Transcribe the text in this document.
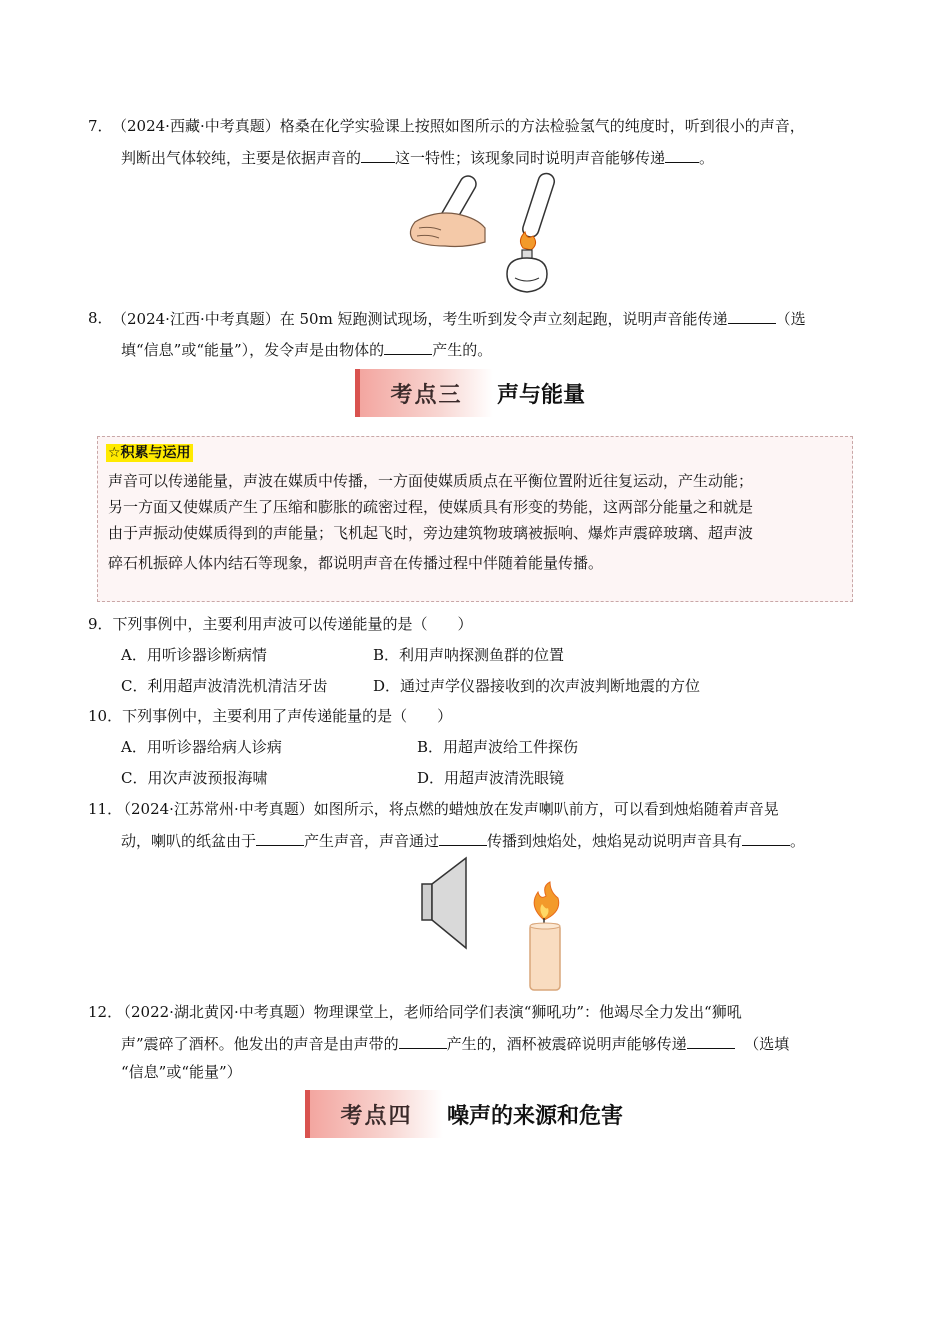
7． （2024·西藏·中考真题）格桑在化学实验课上按照如图所示的方法检验氢气的纯度时，听到很小的声音，
判断出气体较纯，主要是依据声音的 这一特性；该现象同时说明声音能够传递 。
8． （2024·江西·中考真题）在 50m 短跑测试现场，考生听到发令声立刻起跑，说明声音能传递	（选
填“信息”或“能量”），发令声是由物体的	产生的。
考点三	声与能量
☆积累与运用
声音可以传递能量，声波在媒质中传播，一方面使媒质质点在平衡位置附近往复运动，产生动能；
另一方面又使媒质产生了压缩和膨胀的疏密过程，使媒质具有形变的势能，这两部分能量之和就是
由于声振动使媒质得到的声能量；飞机起飞时，旁边建筑物玻璃被振响、爆炸声震碎玻璃、超声波
碎石机振碎人体内结石等现象，都说明声音在传播过程中伴随着能量传播。
9．下列事例中，主要利用声波可以传递能量的是（　　）
A．用听诊器诊断病情	B．利用声呐探测鱼群的位置
C．利用超声波清洗机清洁牙齿	D．通过声学仪器接收到的次声波判断地震的方位
10．下列事例中，主要利用了声传递能量的是（　　）
A．用听诊器给病人诊病	B．用超声波给工件探伤
C．用次声波预报海啸	D．用超声波清洗眼镜
11．
（2024·江苏常州·中考真题）如图所示，将点燃的蜡烛放在发声喇叭前方，可以看到烛焰随着声音晃
动，喇叭的纸盆由于	产生声音，声音通过	传播到烛焰处，烛焰晃动说明声音具有	。
12．
（2022·湖北黄冈·中考真题）物理课堂上，老师给同学们表演“狮吼功”：他竭尽全力发出“狮吼
声”震碎了酒杯。他发出的声音是由声带的	产生的，酒杯被震碎说明声能够传递	（选填
“信息”或“能量”）
考点四	噪声的来源和危害
